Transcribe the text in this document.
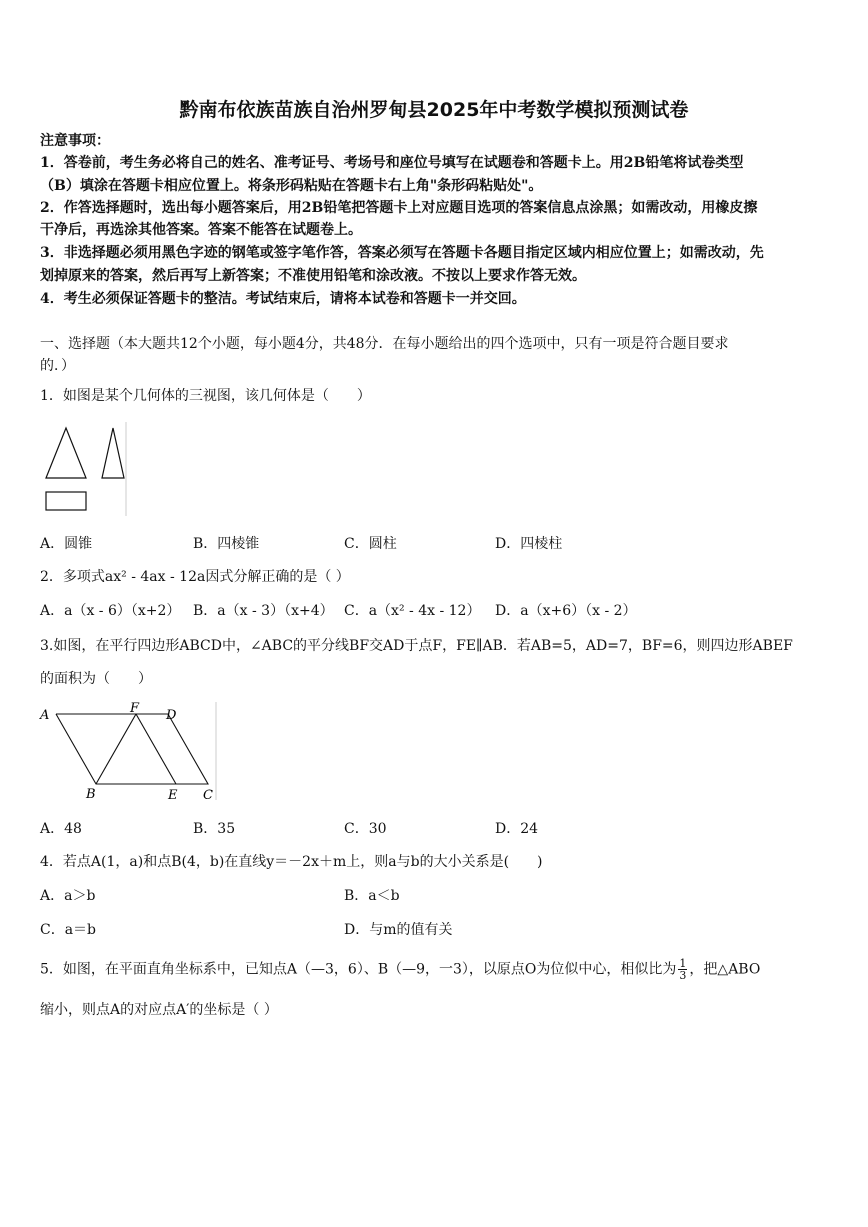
黔南布依族苗族自治州罗甸县2025年中考数学模拟预测试卷
注意事项：
1．答卷前，考生务必将自己的姓名、准考证号、考场号和座位号填写在试题卷和答题卡上。用2B铅笔将试卷类型
（B）填涂在答题卡相应位置上。将条形码粘贴在答题卡右上角"条形码粘贴处"。
2．作答选择题时，选出每小题答案后，用2B铅笔把答题卡上对应题目选项的答案信息点涂黑；如需改动，用橡皮擦
干净后，再选涂其他答案。答案不能答在试题卷上。
3．非选择题必须用黑色字迹的钢笔或签字笔作答，答案必须写在答题卡各题目指定区域内相应位置上；如需改动，先
划掉原来的答案，然后再写上新答案；不准使用铅笔和涂改液。不按以上要求作答无效。
4．考生必须保证答题卡的整洁。考试结束后，请将本试卷和答题卡一并交回。
一、选择题（本大题共12个小题，每小题4分，共48分．在每小题给出的四个选项中，只有一项是符合题目要求
的．）
1．如图是某个几何体的三视图，该几何体是（　　）
A．圆锥	B．四棱锥	C．圆柱	D．四棱柱
2．多项式ax² - 4ax - 12a因式分解正确的是（ ）
A．a（x - 6）（x+2） B．a（x - 3）（x+4） C．a（x² - 4x - 12） D．a（x+6）（x - 2）
3.如图，在平行四边形ABCD中，∠ABC的平分线BF交AD于点F，FE∥AB．若AB=5，AD=7，BF=6，则四边形ABEF
的面积为（　　）
A	F D
B	E C
A．48	B．35	C．30	D．24
4．若点A(1，a)和点B(4，b)在直线y＝－2x＋m上，则a与b的大小关系是(　　)
A．a＞b	B．a＜b
C．a＝b	D．与m的值有关
5．如图，在平面直角坐标系中，已知点A（—3，6）、B（—9，一3），以原点O为位似中心，相似比为 $\frac{1}{3}$ ，把△ABO
缩小，则点A的对应点A′的坐标是（ ）
